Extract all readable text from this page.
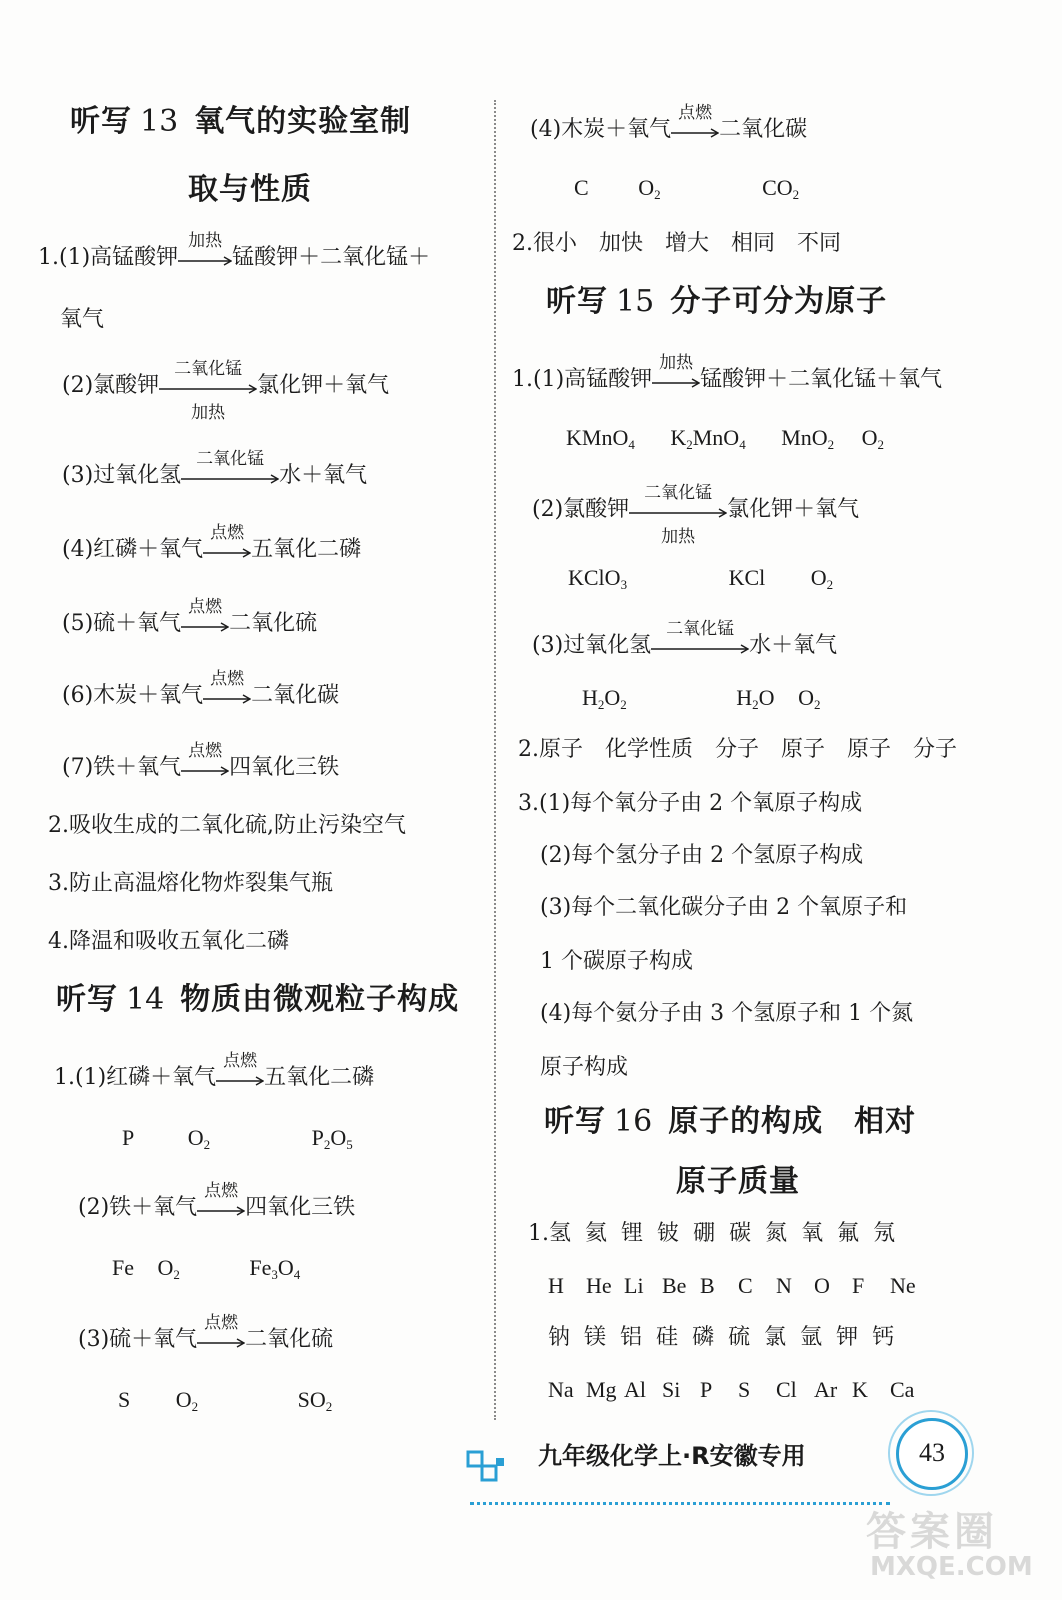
听写 13 氧气的实验室制
取与性质
1.(1)高锰酸钾
加热
锰酸钾＋二氧化锰＋
氧气
(2)氯酸钾
二氧化锰
加热
氯化钾＋氧气
(3)过氧化氢
二氧化锰
水＋氧气
(4)红磷＋氧气
点燃
五氧化二磷
(5)硫＋氧气
点燃
二氧化硫
(6)木炭＋氧气
点燃
二氧化碳
(7)铁＋氧气
点燃
四氧化三铁
2.吸收生成的二氧化硫,防止污染空气
3.防止高温熔化物炸裂集气瓶
4.降温和吸收五氧化二磷
听写 14 物质由微观粒子构成
1.(1)红磷＋氧气
点燃
五氧化二磷
P $O_2$	$P_2O_5$
(2)铁＋氧气
点燃
四氧化三铁
Fe $O_2$	$Fe_3O_4$
(3)硫＋氧气
点燃
二氧化硫
S $O_2$	$SO_2$
(4)木炭＋氧气
点燃
二氧化碳
C $O_2$	$CO_2$
2.很小　加快　增大　相同　不同
听写 15 分子可分为原子
1.(1)高锰酸钾
加热
锰酸钾＋二氧化锰＋氧气
KMnO$_4$ $K_2MnO_4$ MnO$_2$ $O_2$
(2)氯酸钾
二氧化锰
加热
氯化钾＋氧气
KClO$_3$	KCl $O_2$
(3)过氧化氢
二氧化锰
水＋氧气
$H_2O_2$	$H_2O$ $O_2$
2.原子　化学性质　分子　原子　原子　分子
3.(1)每个氧分子由 2 个氧原子构成
(2)每个氢分子由 2 个氢原子构成
(3)每个二氧化碳分子由 2 个氧原子和
1 个碳原子构成
(4)每个氨分子由 3 个氢原子和 1 个氮
原子构成
听写 16 原子的构成　相对
原子质量
1.氢 氦 锂 铍 硼 碳 氮 氧 氟 氖
H He Li Be B C N O F Ne
钠 镁 铝 硅 磷 硫 氯 氩 钾 钙
Na Mg Al Si P S Cl Ar K Ca
九年级化学上·R安徽专用	43
答案圈
MXQE.COM
